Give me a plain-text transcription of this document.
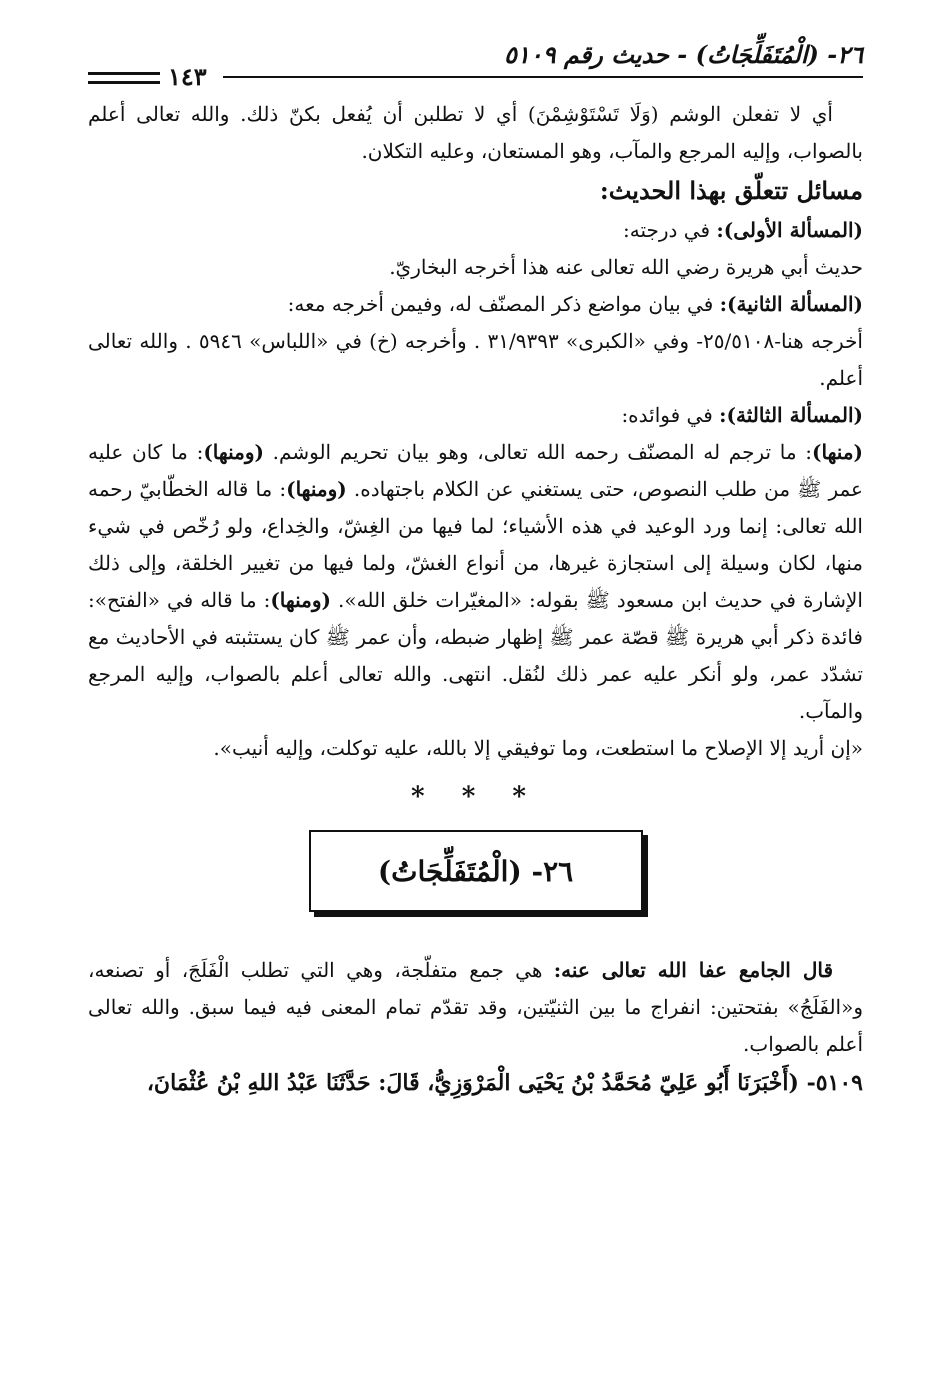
٢٦- (الْمُتَفَلِّجَاتُ) - حديث رقم ٥١٠٩
١٤٣

أي لا تفعلن الوشم (وَلَا تَسْتَوْشِمْنَ) أي لا تطلبن أن يُفعل بكنّ ذلك. والله تعالى أعلم بالصواب، وإليه المرجع والمآب، وهو المستعان، وعليه التكلان.

مسائل تتعلّق بهذا الحديث:

(المسألة الأولى): في درجته:

حديث أبي هريرة رضي الله تعالى عنه هذا أخرجه البخاريّ.

(المسألة الثانية): في بيان مواضع ذكر المصنّف له، وفيمن أخرجه معه:

أخرجه هنا-٢٥/٥١٠٨- وفي «الكبرى» ٣١/٩٣٩٣ . وأخرجه (خ) في «اللباس» ٥٩٤٦ . والله تعالى أعلم.

(المسألة الثالثة): في فوائده:

(منها): ما ترجم له المصنّف رحمه الله تعالى، وهو بيان تحريم الوشم. (ومنها): ما كان عليه عمر ﷺ من طلب النصوص، حتى يستغني عن الكلام باجتهاده. (ومنها): ما قاله الخطّابيّ رحمه الله تعالى: إنما ورد الوعيد في هذه الأشياء؛ لما فيها من الغِشّ، والخِداع، ولو رُخّص في شيء منها، لكان وسيلة إلى استجازة غيرها، من أنواع الغشّ، ولما فيها من تغيير الخلقة، وإلى ذلك الإشارة في حديث ابن مسعود ﷺ بقوله: «المغيّرات خلق الله». (ومنها): ما قاله في «الفتح»: فائدة ذكر أبي هريرة ﷺ قصّة عمر ﷺ إظهار ضبطه، وأن عمر ﷺ كان يستثبته في الأحاديث مع تشدّد عمر، ولو أنكر عليه عمر ذلك لنُقل. انتهى. والله تعالى أعلم بالصواب، وإليه المرجع والمآب.

«إن أريد إلا الإصلاح ما استطعت، وما توفيقي إلا بالله، عليه توكلت، وإليه أنيب».

* * *
٢٦- (الْمُتَفَلِّجَاتُ)

قال الجامع عفا الله تعالى عنه: هي جمع متفلّجة، وهي التي تطلب الْفَلَجَ، أو تصنعه، و«الفَلَجُ» بفتحتين: انفراج ما بين الثنيّتين، وقد تقدّم تمام المعنى فيه فيما سبق. والله تعالى أعلم بالصواب.

٥١٠٩- (أَخْبَرَنَا أَبُو عَلِيّ مُحَمَّدُ بْنُ يَحْيَى الْمَرْوَزِيُّ، قَالَ: حَدَّثَنَا عَبْدُ اللهِ بْنُ عُثْمَانَ،
